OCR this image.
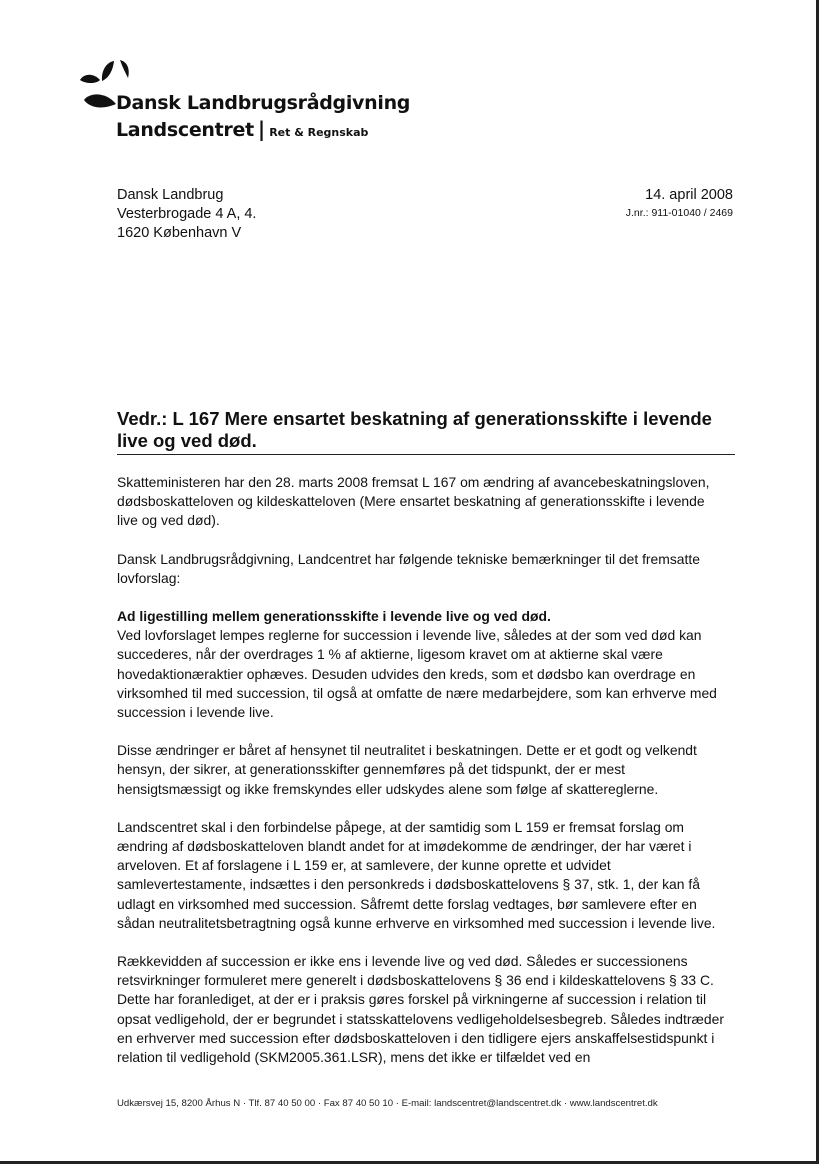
Dansk Landbrugsrådgivning
Landscentret | Ret & Regnskab
Dansk Landbrug
Vesterbrogade 4 A, 4.
1620 København V
14. april 2008
J.nr.: 911-01040 / 2469
Vedr.: L 167 Mere ensartet beskatning af generationsskifte i levende live og ved død.

Skatteministeren har den 28. marts 2008 fremsat L 167 om ændring af avancebeskatningsloven, dødsboskatteloven og kildeskatteloven (Mere ensartet beskatning af generationsskifte i levende live og ved død).

Dansk Landbrugsrådgivning, Landcentret har følgende tekniske bemærkninger til det fremsatte lovforslag:

Ad ligestilling mellem generationsskifte i levende live og ved død.
Ved lovforslaget lempes reglerne for succession i levende live, således at der som ved død kan succederes, når der overdrages 1 % af aktierne, ligesom kravet om at aktierne skal være hovedaktionæraktier ophæves. Desuden udvides den kreds, som et dødsbo kan overdrage en virksomhed til med succession, til også at omfatte de nære medarbejdere, som kan erhverve med succession i levende live.

Disse ændringer er båret af hensynet til neutralitet i beskatningen. Dette er et godt og velkendt hensyn, der sikrer, at generationsskifter gennemføres på det tidspunkt, der er mest hensigtsmæssigt og ikke fremskyndes eller udskydes alene som følge af skattereglerne.

Landscentret skal i den forbindelse påpege, at der samtidig som L 159 er fremsat forslag om ændring af dødsboskatteloven blandt andet for at imødekomme de ændringer, der har været i arveloven. Et af forslagene i L 159 er, at samlevere, der kunne oprette et udvidet samlevertestamente, indsættes i den personkreds i dødsboskattelovens § 37, stk. 1, der kan få udlagt en virksomhed med succession. Såfremt dette forslag vedtages, bør samlevere efter en sådan neutralitetsbetragtning også kunne erhverve en virksomhed med succession i levende live.

Rækkevidden af succession er ikke ens i levende live og ved død. Således er successionens retsvirkninger formuleret mere generelt i dødsboskattelovens § 36 end i kildeskattelovens § 33 C. Dette har foranlediget, at der er i praksis gøres forskel på virkningerne af succession i relation til opsat vedligehold, der er begrundet i statsskattelovens vedligeholdelsesbegreb. Således indtræder en erhverver med succession efter dødsboskatteloven i den tidligere ejers anskaffelsestidspunkt i relation til vedligehold (SKM2005.361.LSR), mens det ikke er tilfældet ved en

Udkærsvej 15, 8200 Århus N · Tlf. 87 40 50 00 · Fax 87 40 50 10 · E-mail: landscentret@landscentret.dk · www.landscentret.dk
